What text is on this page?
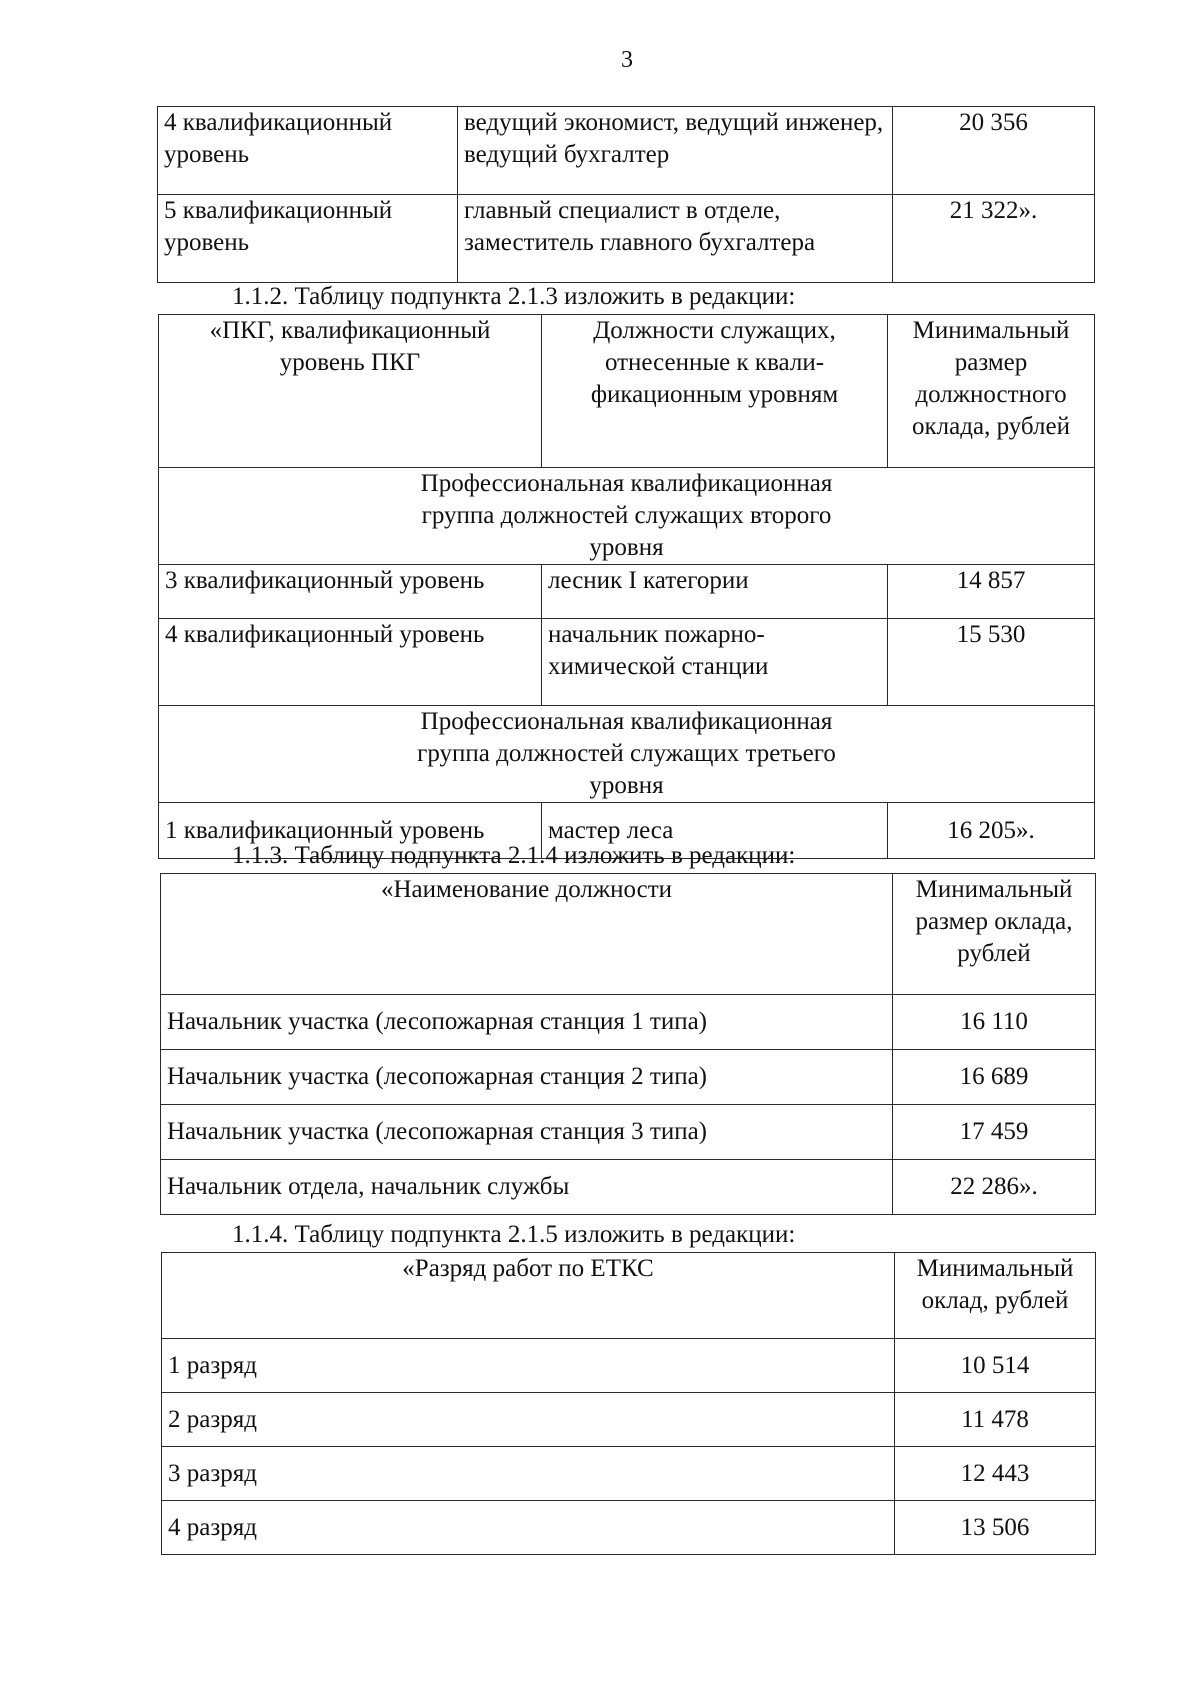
3
4 квалификационный уровень	ведущий экономист, ведущий инженер, ведущий бухгалтер	20 356
5 квалификационный уровень	главный специалист в отделе, заместитель главного бухгалтера	21 322».
1.1.2. Таблицу подпункта 2.1.3 изложить в редакции:
«ПКГ, квалификационный уровень ПКГ	Должности служащих, отнесенные к квали-фикационным уровням	Минимальный размер должностного оклада, рублей
Профессиональная квалификационная группа должностей служащих второго уровня		
3 квалификационный уровень	лесник I категории	14 857
4 квалификационный уровень	начальник пожарно-химической станции	15 530
Профессиональная квалификационная группа должностей служащих третьего уровня		
1 квалификационный уровень	мастер леса	16 205».
1.1.3. Таблицу подпункта 2.1.4 изложить в редакции:
«Наименование должности	Минимальный размер оклада, рублей
Начальник участка (лесопожарная станция 1 типа)	16 110
Начальник участка (лесопожарная станция 2 типа)	16 689
Начальник участка (лесопожарная станция 3 типа)	17 459
Начальник отдела, начальник службы	22 286».
1.1.4. Таблицу подпункта 2.1.5 изложить в редакции:
«Разряд работ по ЕТКС	Минимальный оклад, рублей
1 разряд	10 514
2 разряд	11 478
3 разряд	12 443
4 разряд	13 506
